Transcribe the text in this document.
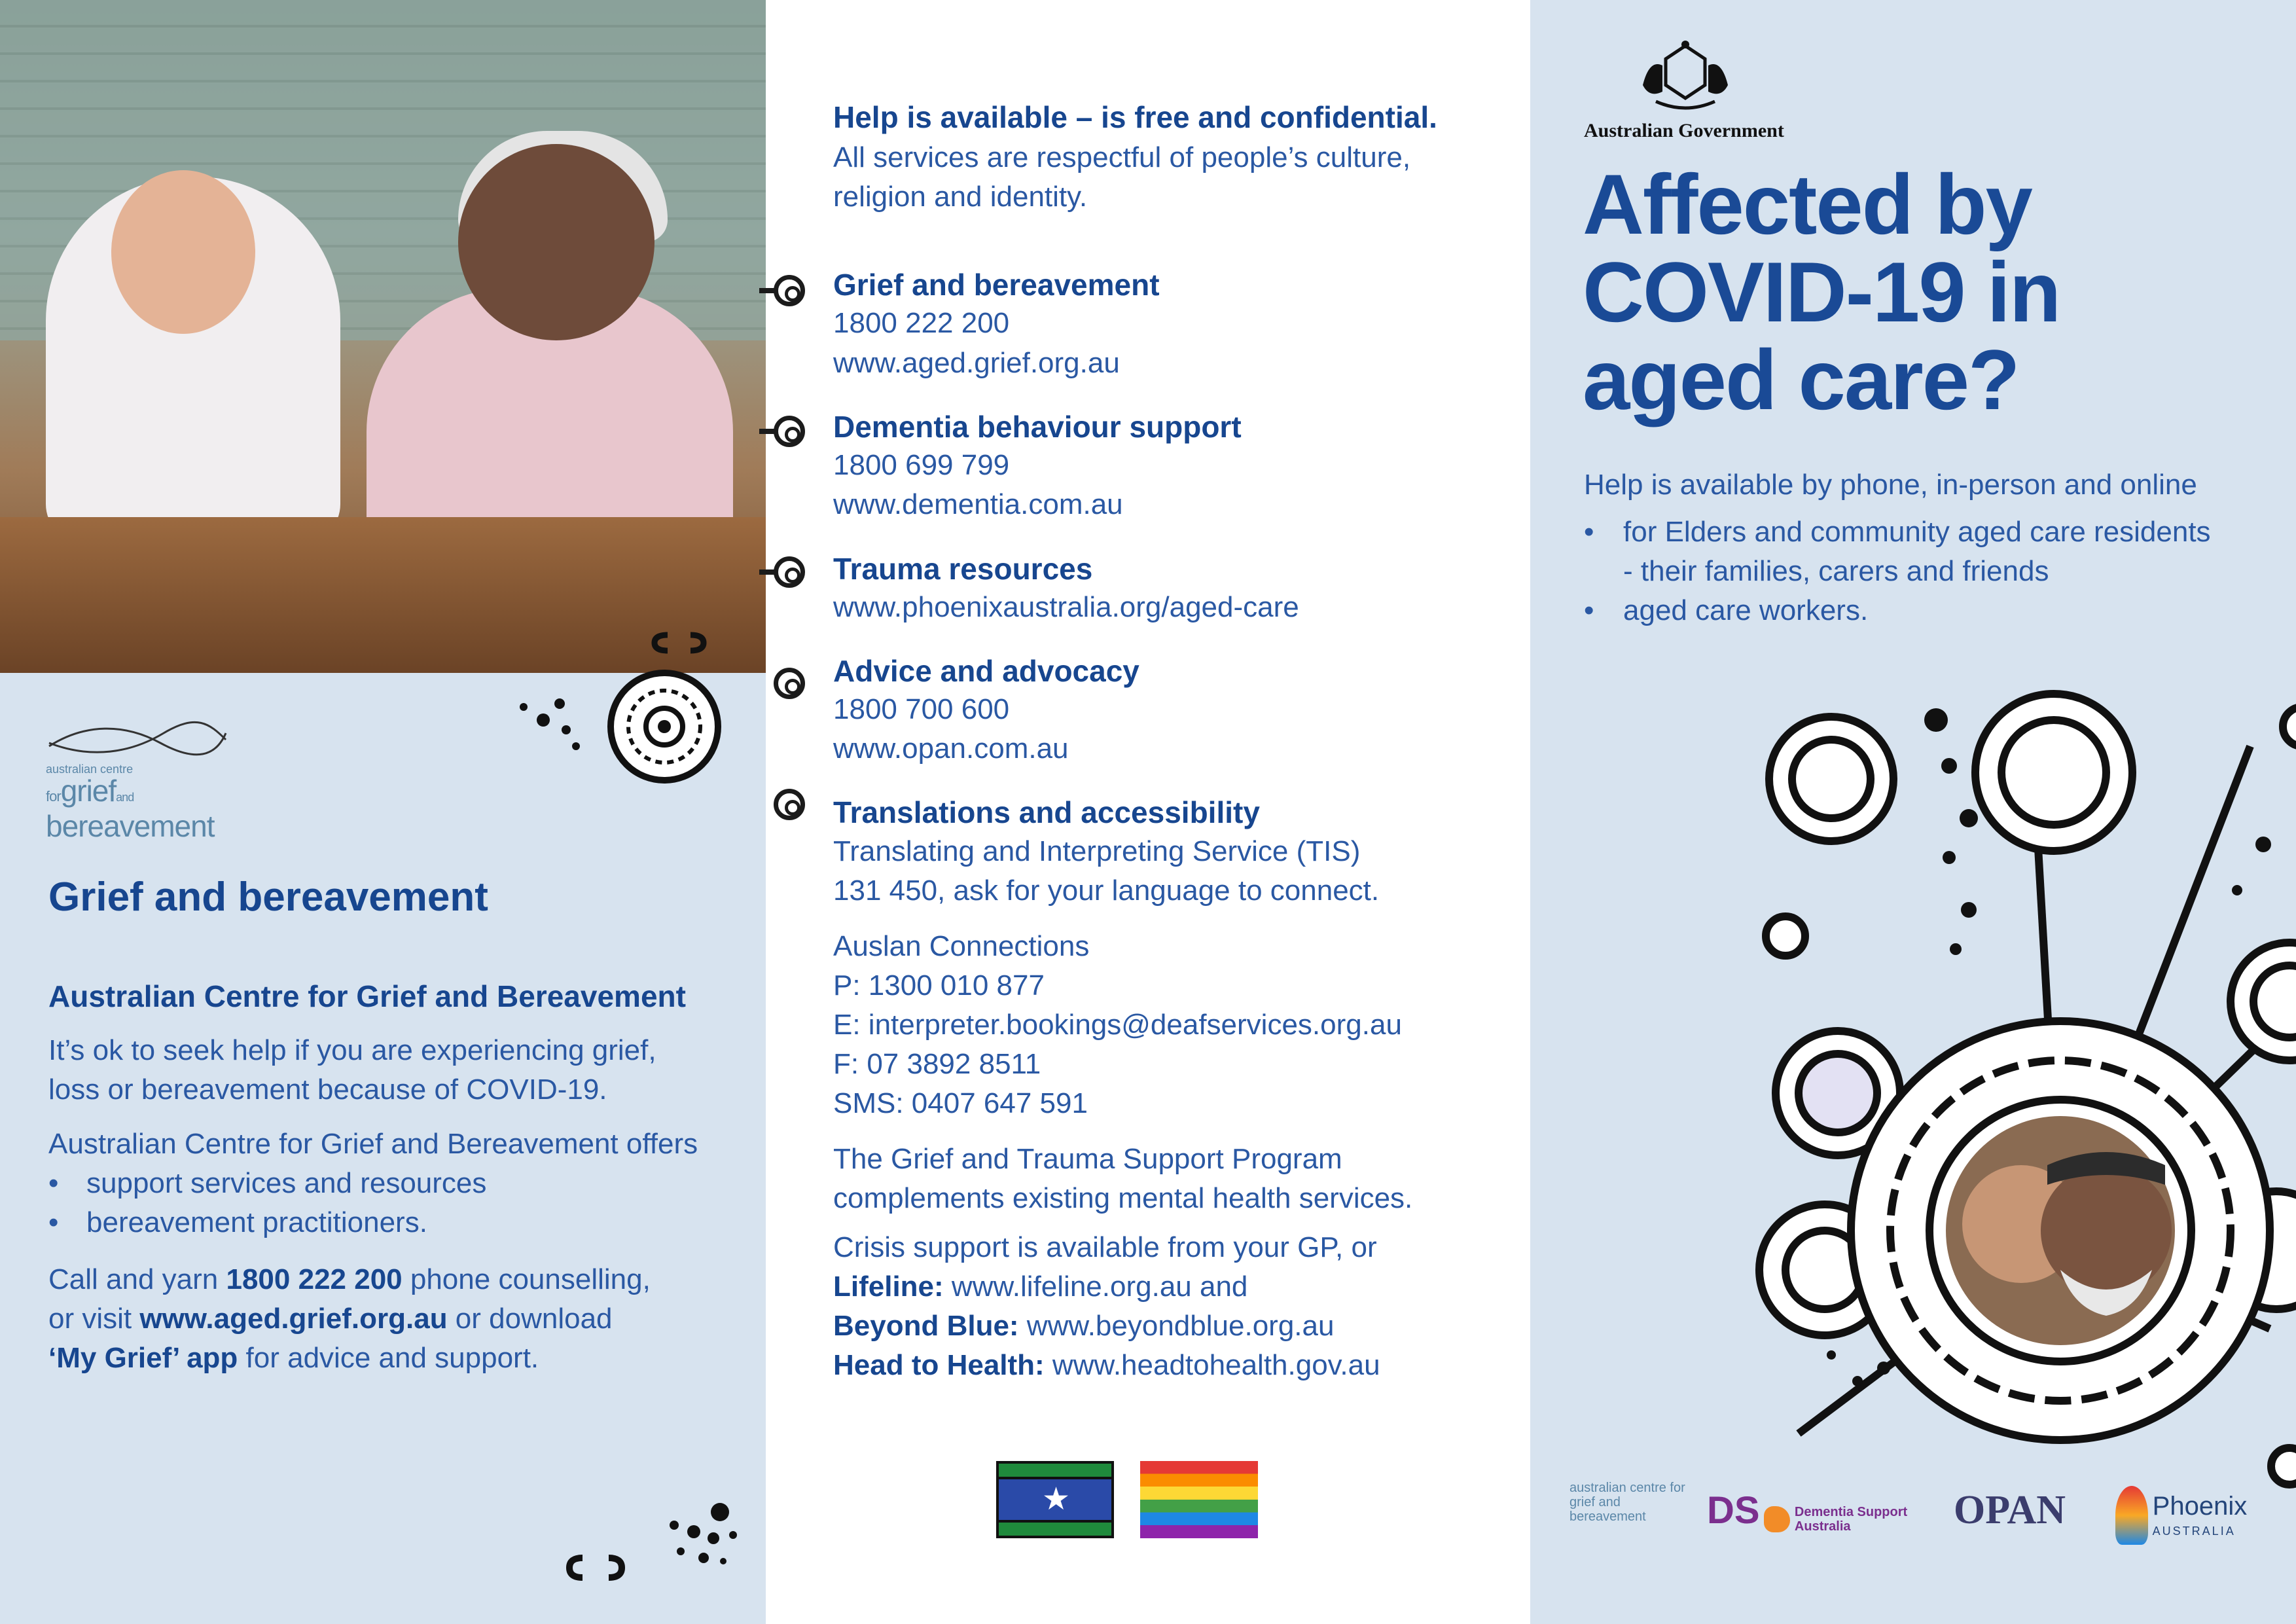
australian centre
forgriefand
bereavement
Grief and bereavement
Australian Centre for Grief and Bereavement
It’s ok to seek help if you are experiencing grief,
loss or bereavement because of COVID-19.
Australian Centre for Grief and Bereavement offers
• support services and resources
• bereavement practitioners.
Call and yarn 1800 222 200 phone counselling,
or visit www.aged.grief.org.au or download
‘My Grief’ app for advice and support.
Help is available – is free and confidential.
All services are respectful of people’s culture,
religion and identity.
Grief and bereavement
1800 222 200
www.aged.grief.org.au
Dementia behaviour support
1800 699 799
www.dementia.com.au
Trauma resources
www.phoenixaustralia.org/aged-care
Advice and advocacy
1800 700 600
www.opan.com.au
Translations and accessibility
Translating and Interpreting Service (TIS)
131 450, ask for your language to connect.
Auslan Connections
P: 1300 010 877
E: interpreter.bookings@deafservices.org.au
F: 07 3892 8511
SMS: 0407 647 591
The Grief and Trauma Support Program
complements existing mental health services.
Crisis support is available from your GP, or
Lifeline: www.lifeline.org.au and
Beyond Blue: www.beyondblue.org.au
Head to Health: www.headtohealth.gov.au
★
Australian Government
Affected by
COVID-19 in
aged care?
Help is available by phone, in-person and online
• for Elders and community aged care residents
- their families, carers and friends
• aged care workers.
australian centre for grief and bereavement	DS	Dementia Support
Australia	OPAN	Phoenix
AUSTRALIA
